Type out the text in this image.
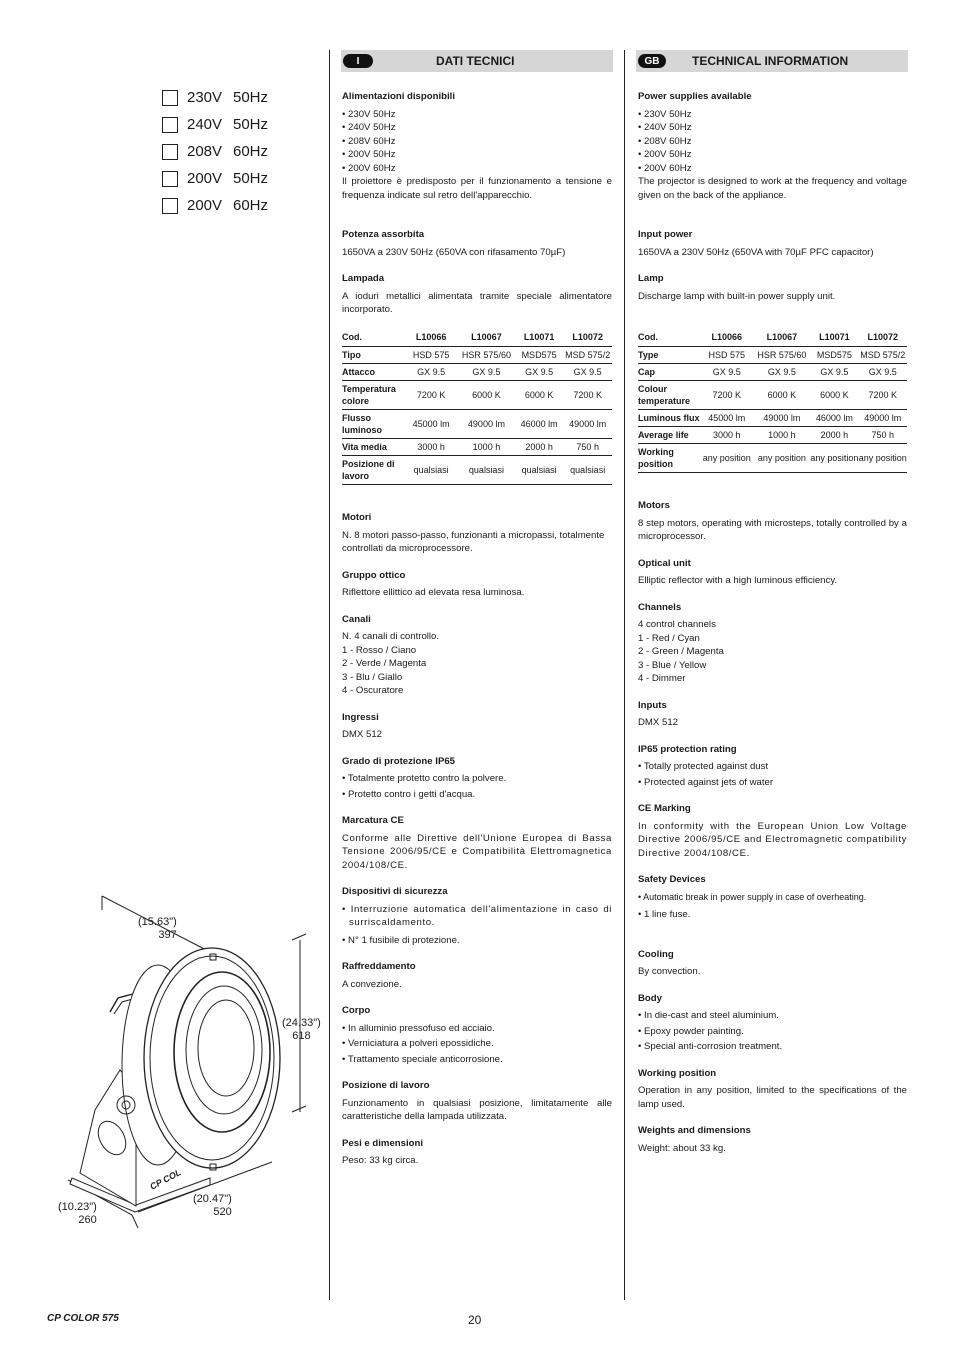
230V 50Hz
240V 50Hz
208V 60Hz
200V 50Hz
200V 60Hz
CP COL
(15.63")
397
(24.33")
618
(10.23")
260
(20.47")
520
I	DATI TECNICI

Alimentazioni disponibili

• 230V 50Hz

• 240V 50Hz

• 208V 60Hz

• 200V 50Hz

• 200V 60Hz

Il proiettore è predisposto per il funzionamento a tensione e frequenza indicate sul retro dell'apparecchio.

Potenza assorbita

1650VA a 230V 50Hz (650VA con rifasamento 70µF)

Lampada

A ioduri metallici alimentata tramite speciale alimentatore incorporato.

Cod.	L10066	L10067	L10071	L10072
Tipo	HSD 575	HSR 575/60	MSD575	MSD 575/2
Attacco	GX 9.5	GX 9.5	GX 9.5	GX 9.5
Temperatura colore	7200 K	6000 K	6000 K	7200 K
Flusso luminoso	45000 lm	49000 lm	46000 lm	49000 lm
Vita media	3000 h	1000 h	2000 h	750 h
Posizione di lavoro	qualsiasi	qualsiasi	qualsiasi	qualsiasi

Motori

N. 8 motori passo-passo, funzionanti a micropassi, totalmente controllati da microprocessore.

Gruppo ottico

Riflettore ellittico ad elevata resa luminosa.

Canali

N. 4 canali di controllo.

1 - Rosso / Ciano

2 - Verde / Magenta

3 - Blu / Giallo

4 - Oscuratore

Ingressi

DMX 512

Grado di protezione IP65

• Totalmente protetto contro la polvere.

• Protetto contro i getti d'acqua.

Marcatura CE

Conforme alle Direttive dell'Unione Europea di Bassa Tensione 2006/95/CE e Compatibilità Elettromagnetica 2004/108/CE.

Dispositivi di sicurezza

• Interruzione automatica dell'alimentazione in caso di surriscaldamento.

• N° 1 fusibile di protezione.

Raffreddamento

A convezione.

Corpo

• In alluminio pressofuso ed acciaio.

• Verniciatura a polveri epossidiche.

• Trattamento speciale anticorrosione.

Posizione di lavoro

Funzionamento in qualsiasi posizione, limitatamente alle caratteristiche della lampada utilizzata.

Pesi e dimensioni

Peso: 33 kg circa.

GB	TECHNICAL INFORMATION

Power supplies available

• 230V 50Hz

• 240V 50Hz

• 208V 60Hz

• 200V 50Hz

• 200V 60Hz

The projector is designed to work at the frequency and voltage given on the back of the appliance.

Input power

1650VA a 230V 50Hz (650VA with 70µF PFC capacitor)

Lamp

Discharge lamp with built-in power supply unit.

Cod.	L10066	L10067	L10071	L10072
Type	HSD 575	HSR 575/60	MSD575	MSD 575/2
Cap	GX 9.5	GX 9.5	GX 9.5	GX 9.5
Colour temperature	7200 K	6000 K	6000 K	7200 K
Luminous flux	45000 lm	49000 lm	46000 lm	49000 lm
Average life	3000 h	1000 h	2000 h	750 h
Working position	any position	any position	any position	any position

Motors

8 step motors, operating with microsteps, totally controlled by a microprocessor.

Optical unit

Elliptic reflector with a high luminous efficiency.

Channels

4 control channels

1 - Red / Cyan

2 - Green / Magenta

3 - Blue / Yellow

4 - Dimmer

Inputs

DMX 512

IP65 protection rating

• Totally protected against dust

• Protected against jets of water

CE Marking

In conformity with the European Union Low Voltage Directive 2006/95/CE and Electromagnetic compatibility Directive 2004/108/CE.

Safety Devices

• Automatic break in power supply in case of overheating.

• 1 line fuse.

Cooling

By convection.

Body

• In die-cast and steel aluminium.

• Epoxy powder painting.

• Special anti-corrosion treatment.

Working position

Operation in any position, limited to the specifications of the lamp used.

Weights and dimensions

Weight: about 33 kg.

CP COLOR 575	20
